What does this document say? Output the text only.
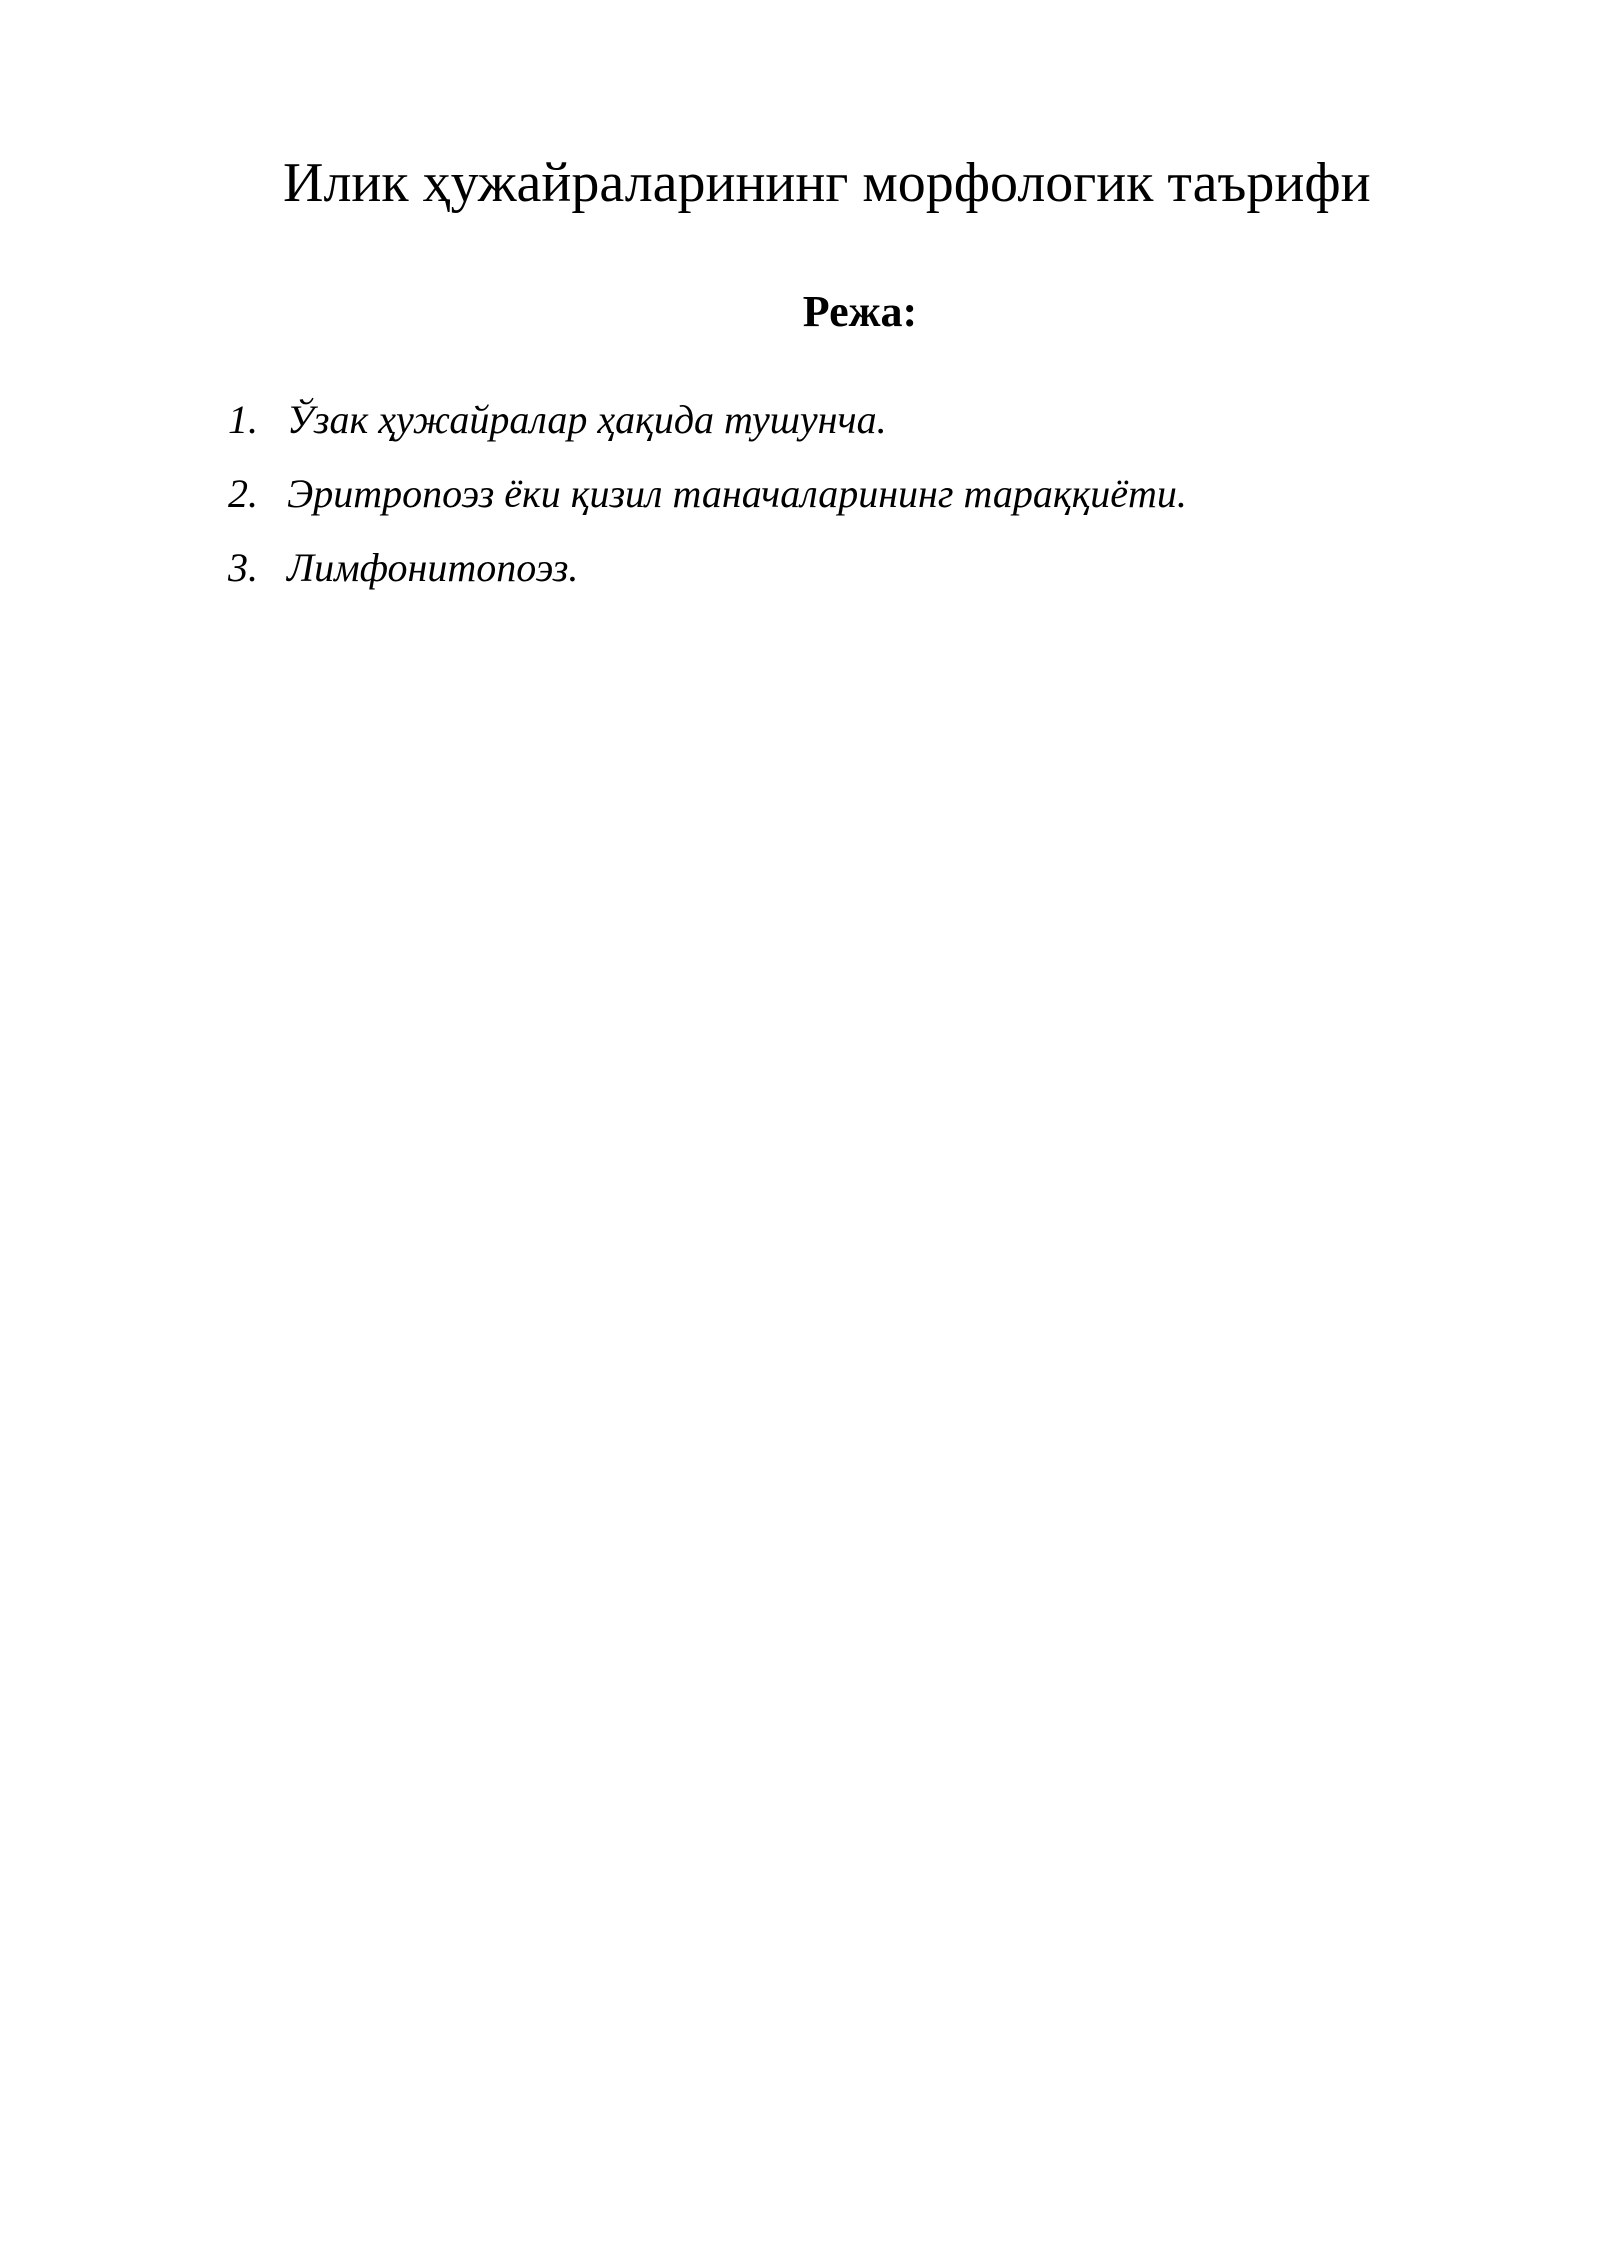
Илик ҳужайраларининг морфологик таърифи
Режа:
1. Ўзак ҳужайралар ҳақида тушунча.
2. Эритропоэз ёки қизил таначаларининг тараққиёти.
3. Лимфонитопоэз.
